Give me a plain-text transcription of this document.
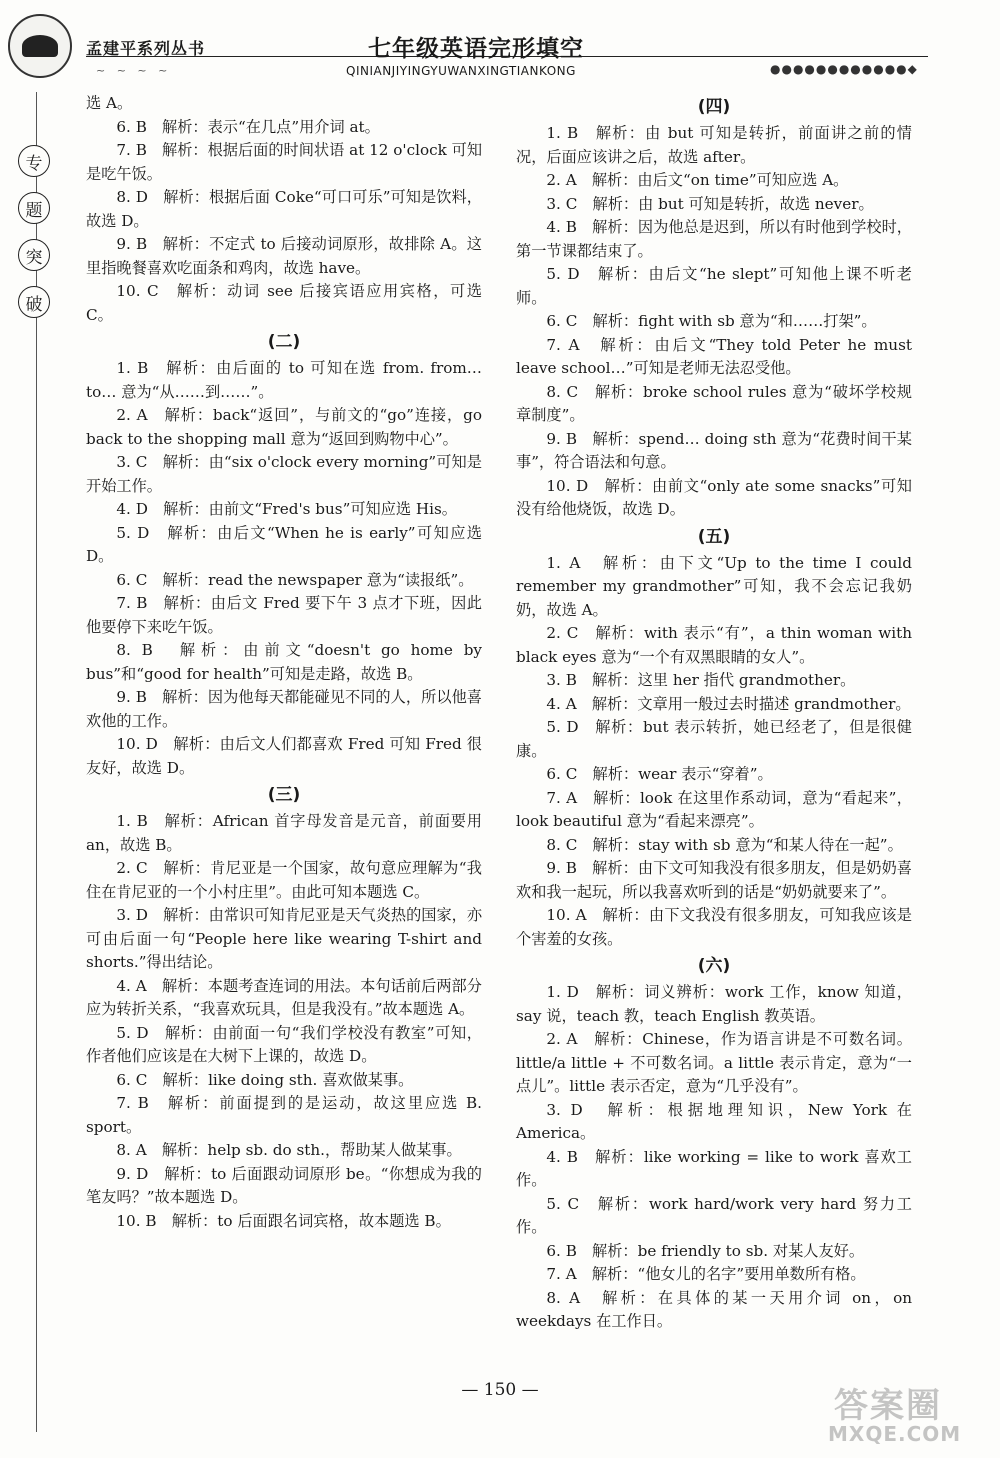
孟建平系列丛书
~ ~ ~ ~
七年级英语完形填空
QINIANJIYINGYUWANXINGTIANKONG	●●●●●●●●●●●●◆
专
题
突
破

选 A。

6. B　解析：表示“在几点”用介词 at。

7. B　解析：根据后面的时间状语 at 12 o'clock 可知是吃午饭。

8. D　解析：根据后面 Coke“可口可乐”可知是饮料，故选 D。

9. B　解析：不定式 to 后接动词原形，故排除 A。这里指晚餐喜欢吃面条和鸡肉，故选 have。

10. C　解析：动词 see 后接宾语应用宾格，可选 C。

(二)

1. B　解析：由后面的 to 可知在选 from. from… to… 意为“从……到……”。

2. A　解析：back“返回”，与前文的“go”连接，go back to the shopping mall 意为“返回到购物中心”。

3. C　解析：由“six o'clock every morning”可知是开始工作。

4. D　解析：由前文“Fred's bus”可知应选 His。

5. D　解析：由后文“When he is early”可知应选 D。

6. C　解析：read the newspaper 意为“读报纸”。

7. B　解析：由后文 Fred 要下午 3 点才下班，因此他要停下来吃午饭。

8. B　解析：由前文“doesn't go home by bus”和“good for health”可知是走路，故选 B。

9. B　解析：因为他每天都能碰见不同的人，所以他喜欢他的工作。

10. D　解析：由后文人们都喜欢 Fred 可知 Fred 很友好，故选 D。

(三)

1. B　解析：African 首字母发音是元音，前面要用 an，故选 B。

2. C　解析：肯尼亚是一个国家，故句意应理解为“我住在肯尼亚的一个小村庄里”。由此可知本题选 C。

3. D　解析：由常识可知肯尼亚是天气炎热的国家，亦可由后面一句“People here like wearing T-shirt and shorts.”得出结论。

4. A　解析：本题考查连词的用法。本句话前后两部分应为转折关系，“我喜欢玩具，但是我没有。”故本题选 A。

5. D　解析：由前面一句“我们学校没有教室”可知，作者他们应该是在大树下上课的，故选 D。

6. C　解析：like doing sth. 喜欢做某事。

7. B　解析：前面提到的是运动，故这里应选 B. sport。

8. A　解析：help sb. do sth.，帮助某人做某事。

9. D　解析：to 后面跟动词原形 be。“你想成为我的笔友吗？”故本题选 D。

10. B　解析：to 后面跟名词宾格，故本题选 B。

(四)

1. B　解析：由 but 可知是转折，前面讲之前的情况，后面应该讲之后，故选 after。

2. A　解析：由后文“on time”可知应选 A。

3. C　解析：由 but 可知是转折，故选 never。

4. B　解析：因为他总是迟到，所以有时他到学校时，第一节课都结束了。

5. D　解析：由后文“he slept”可知他上课不听老师。

6. C　解析：fight with sb 意为“和……打架”。

7. A　解析：由后文“They told Peter he must leave school…”可知是老师无法忍受他。

8. C　解析：broke school rules 意为“破坏学校规章制度”。

9. B　解析：spend… doing sth 意为“花费时间干某事”，符合语法和句意。

10. D　解析：由前文“only ate some snacks”可知没有给他烧饭，故选 D。

(五)

1. A　解析：由下文“Up to the time I could remember my grandmother”可知，我不会忘记我奶奶，故选 A。

2. C　解析：with 表示“有”，a thin woman with black eyes 意为“一个有双黑眼睛的女人”。

3. B　解析：这里 her 指代 grandmother。

4. A　解析：文章用一般过去时描述 grandmother。

5. D　解析：but 表示转折，她已经老了，但是很健康。

6. C　解析：wear 表示“穿着”。

7. A　解析：look 在这里作系动词，意为“看起来”，look beautiful 意为“看起来漂亮”。

8. C　解析：stay with sb 意为“和某人待在一起”。

9. B　解析：由下文可知我没有很多朋友，但是奶奶喜欢和我一起玩，所以我喜欢听到的话是“奶奶就要来了”。

10. A　解析：由下文我没有很多朋友，可知我应该是个害羞的女孩。

(六)

1. D　解析：词义辨析：work 工作，know 知道，say 说，teach 教，teach English 教英语。

2. A　解析：Chinese，作为语言讲是不可数名词。little/a little + 不可数名词。a little 表示肯定，意为“一点儿”。little 表示否定，意为“几乎没有”。

3. D　解析：根据地理知识，New York 在 America。

4. B　解析：like working = like to work 喜欢工作。

5. C　解析：work hard/work very hard 努力工作。

6. B　解析：be friendly to sb. 对某人友好。

7. A　解析：“他女儿的名字”要用单数所有格。

8. A　解析：在具体的某一天用介词 on，on weekdays 在工作日。

— 150 —	答案圈
MXQE.COM
